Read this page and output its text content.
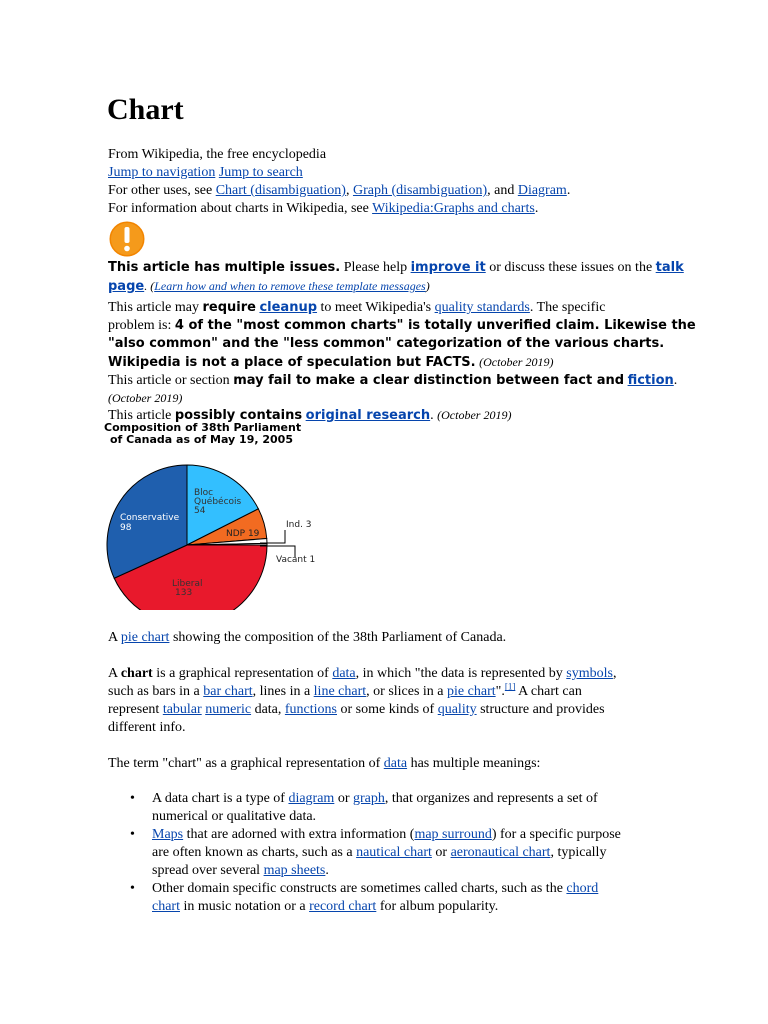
Chart
From Wikipedia, the free encyclopedia
Jump to navigation Jump to search
For other uses, see Chart (disambiguation), Graph (disambiguation), and Diagram.
For information about charts in Wikipedia, see Wikipedia:Graphs and charts.
This article has multiple issues. Please help improve it or discuss these issues on the talk
page. (Learn how and when to remove these template messages)
This article may require cleanup to meet Wikipedia's quality standards. The specific
problem is: 4 of the "most common charts" is totally unverified claim. Likewise the
"also common" and the "less common" categorization of the various charts.
Wikipedia is not a place of speculation but FACTS. (October 2019)
This article or section may fail to make a clear distinction between fact and fiction.
(October 2019)
This article possibly contains original research. (October 2019)
Composition of 38th Parliament
of Canada as of May 19, 2005
Conservative
98
Bloc
Québécois
54
NDP 19
Liberal
133
Ind. 3
Vacant 1
A pie chart showing the composition of the 38th Parliament of Canada.
A chart is a graphical representation of data, in which "the data is represented by symbols,
such as bars in a bar chart, lines in a line chart, or slices in a pie chart".[1] A chart can
represent tabular numeric data, functions or some kinds of quality structure and provides
different info.
The term "chart" as a graphical representation of data has multiple meanings:
• A data chart is a type of diagram or graph, that organizes and represents a set of
numerical or qualitative data.
• Maps that are adorned with extra information (map surround) for a specific purpose
are often known as charts, such as a nautical chart or aeronautical chart, typically
spread over several map sheets.
• Other domain specific constructs are sometimes called charts, such as the chord
chart in music notation or a record chart for album popularity.
